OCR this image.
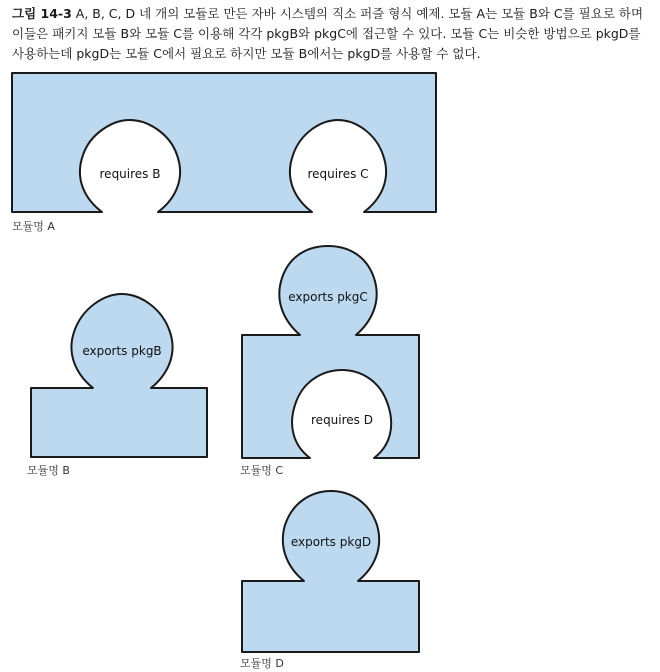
그림 14-3 A, B, C, D 네 개의 모듈로 만든 자바 시스템의 직소 퍼즐 형식 예제. 모듈 A는 모듈 B와 C를 필요로 하며 이들은 패키지 모듈 B와 모듈 C를 이용해 각각 pkgB와 pkgC에 접근할 수 있다. 모듈 C는 비슷한 방법으로 pkgD를 사용하는데 pkgD는 모듈 C에서 필요로 하지만 모듈 B에서는 pkgD를 사용할 수 없다.
requires B	requires C
모듈명 A
exports pkgB
모듈명 B
exports pkgC
requires D
모듈명 C
exports pkgD
모듈명 D
